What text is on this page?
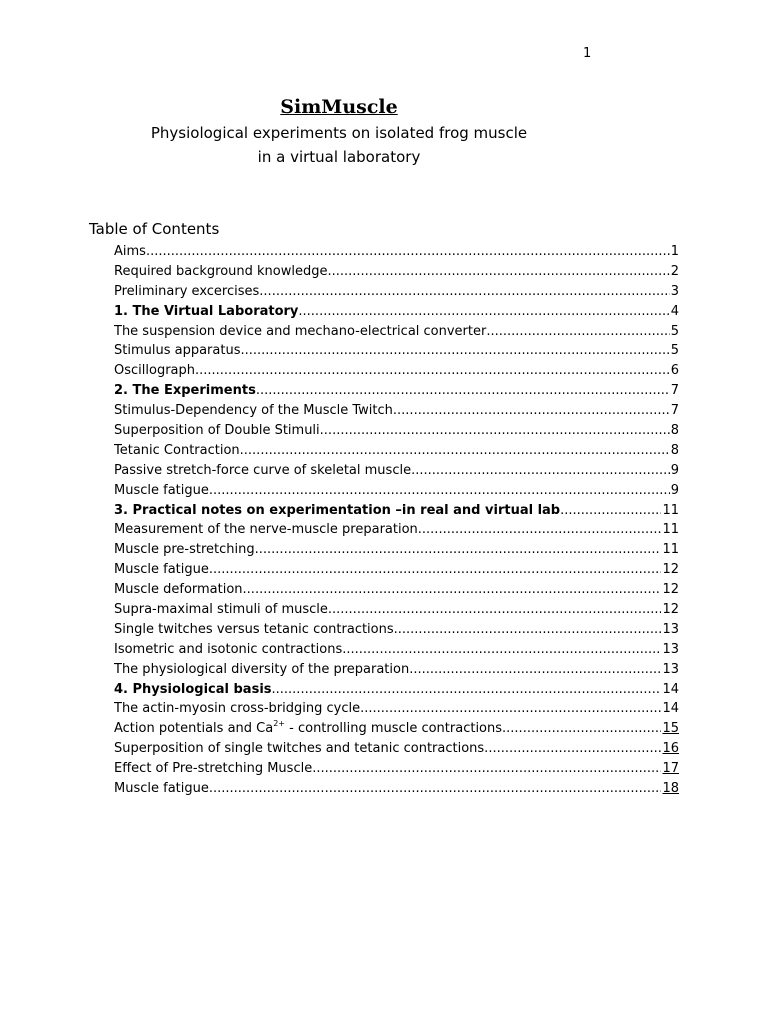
1
SimMuscle
Physiological experiments on isolated frog muscle
in a virtual laboratory
Table of Contents
Aims .....	1
Required background knowledge .....	2
Preliminary excercises .....	3
1. The Virtual Laboratory .....	4
The suspension device and mechano-electrical converter .....	5
Stimulus apparatus .....	5
Oscillograph .....	6
2. The Experiments .....	7
Stimulus-Dependency of the Muscle Twitch .....	7
Superposition of Double Stimuli .....	8
Tetanic Contraction .....	8
Passive stretch-force curve of skeletal muscle .....	9
Muscle fatigue .....	9
3. Practical notes on experimentation –in real and virtual lab .....	11
Measurement of the nerve-muscle preparation .....	11
Muscle pre-stretching .....	11
Muscle fatigue .....	12
Muscle deformation .....	12
Supra-maximal stimuli of muscle .....	12
Single twitches versus tetanic contractions .....	13
Isometric and isotonic contractions .....	13
The physiological diversity of the preparation .....	13
4. Physiological basis .....	14
The actin-myosin cross-bridging cycle .....	14
Action potentials and $Ca^{2+}$ - controlling muscle contractions .....	15
Superposition of single twitches and tetanic contractions. .....	16
Effect of Pre-stretching Muscle .....	17
Muscle fatigue .....	18
